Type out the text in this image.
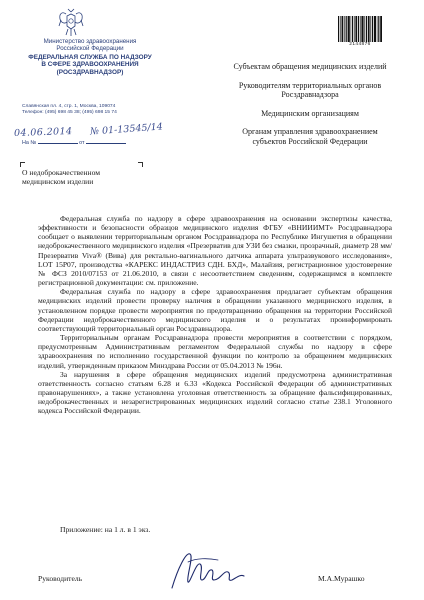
Министерство здравоохранения
Российской Федерации
ФЕДЕРАЛЬНАЯ СЛУЖБА ПО НАДЗОРУ
В СФЕРЕ ЗДРАВООХРАНЕНИЯ
(РОСЗДРАВНАДЗОР)
Славянская пл. 4, стр. 1, Москва, 109074
Телефон: (495) 698 45 38; (495) 698 15 74
04.06.2014 № 01-13545/14
На №	от
О недоброкачественном
медицинском изделии
2144876
Субъектам обращения медицинских изделий
Руководителям территориальных органов Росздравнадзора
Медицинским организациям
Органам управления здравоохранением субъектов Российской Федерации

Федеральная служба по надзору в сфере здравоохранения на основании экспертизы качества, эффективности и безопасности образцов медицинского изделия ФГБУ «ВНИИИМТ» Росздравнадзора сообщает о выявлении территориальным органом Росздравнадзора по Республике Ингушетия в обращении недоброкачественного медицинского изделия «Презерватив для УЗИ без смазки, прозрачный, диаметр 28 мм/Презерватив Viva® (Вива) для ректально-вагинального датчика аппарата ультразвукового исследования», LOT 15P07, производства «КАРЕКС ИНДАСТРИЗ СДН. БХД», Малайзия, регистрационное удостоверение № ФСЗ 2010/07153 от 21.06.2010, в связи с несоответствием сведениям, содержащимся в комплекте регистрационной документации: см. приложение.

Федеральная служба по надзору в сфере здравоохранения предлагает субъектам обращения медицинских изделий провести проверку наличия в обращении указанного медицинского изделия, в установленном порядке провести мероприятия по предотвращению обращения на территории Российской Федерации недоброкачественного медицинского изделия и о результатах проинформировать соответствующий территориальный орган Росздравнадзора.

Территориальным органам Росздравнадзора провести мероприятия в соответствии с порядком, предусмотренным Административным регламентом Федеральной службы по надзору в сфере здравоохранения по исполнению государственной функции по контролю за обращением медицинских изделий, утвержденным приказом Минздрава России от 05.04.2013 № 196н.

За нарушения в сфере обращения медицинских изделий предусмотрена административная ответственность согласно статьям 6.28 и 6.33 «Кодекса Российской Федерации об административных правонарушениях», а также установлена уголовная ответственность за обращение фальсифицированных, недоброкачественных и незарегистрированных медицинских изделий согласно статье 238.1 Уголовного кодекса Российской Федерации.

Приложение: на 1 л. в 1 экз.
Руководитель	М.А.Мурашко
